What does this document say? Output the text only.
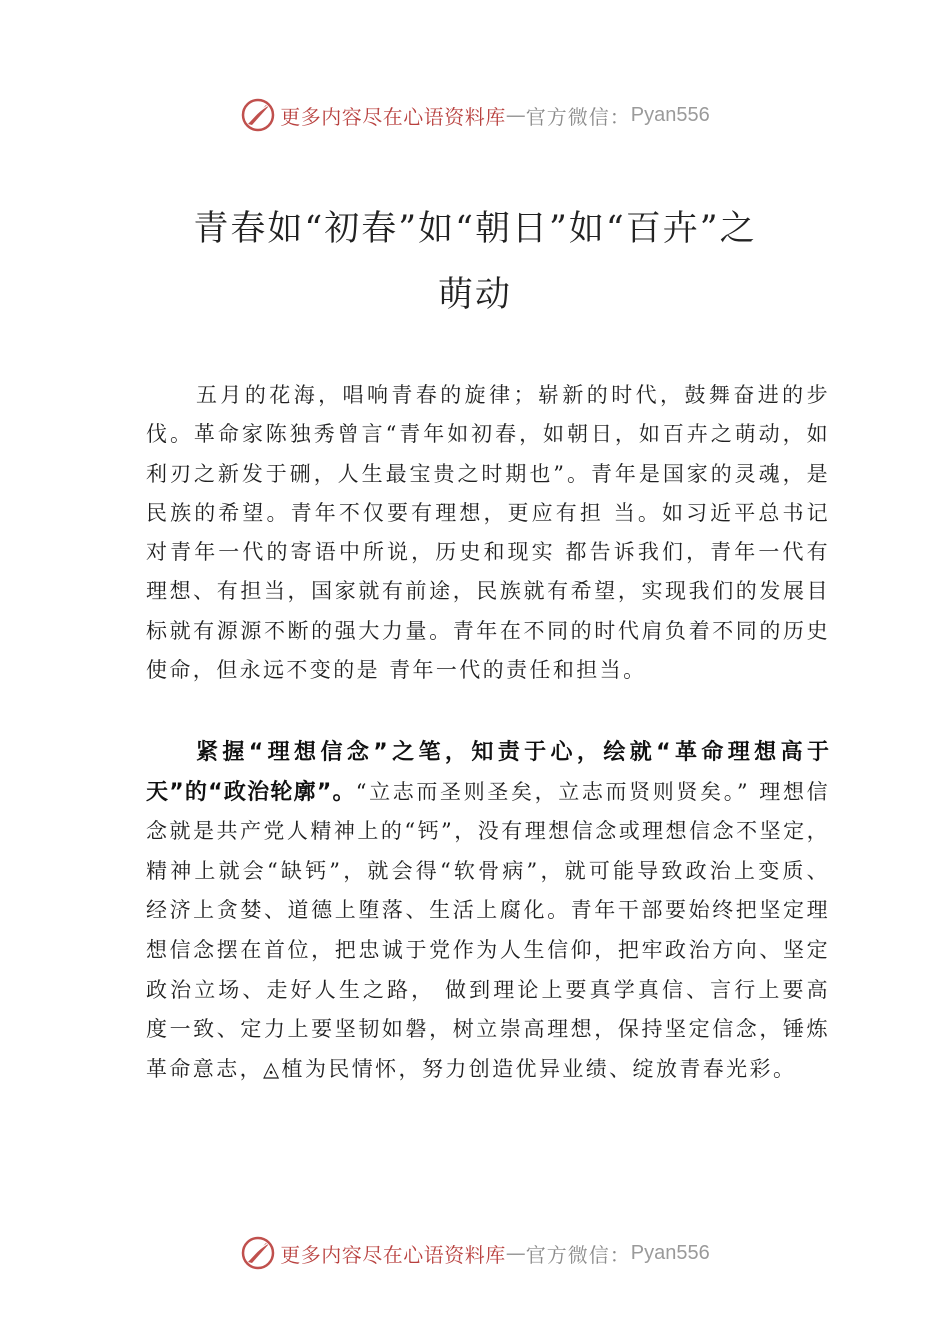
更多内容尽在心语资料库 — 官方微信： Pyan556
青春如“初春”如“朝日”如“百卉”之
萌动

五月的花海，唱响青春的旋律；崭新的时代，鼓舞奋进的步伐。革命家陈独秀曾言“青年如初春，如朝日，如百卉之萌动，如利刃之新发于硎，人生最宝贵之时期也”。青年是国家的灵魂，是民族的希望。青年不仅要有理想，更应有担 当。如习近平总书记对青年一代的寄语中所说，历史和现实 都告诉我们，青年一代有理想、有担当，国家就有前途，民族就有希望，实现我们的发展目标就有源源不断的强大力量。青年在不同的时代肩负着不同的历史使命，但永远不变的是 青年一代的责任和担当。

紧握“理想信念”之笔，知责于心，绘就“革命理想高于天”的“政治轮廓”。“立志而圣则圣矣，立志而贤则贤矣。” 理想信念就是共产党人精神上的“钙”，没有理想信念或理想信念不坚定，精神上就会“缺钙”，就会得“软骨病”，就可能导致政治上变质、经济上贪婪、道德上堕落、生活上腐化。青年干部要始终把坚定理想信念摆在首位，把忠诚于党作为人生信仰，把牢政治方向、坚定政治立场、走好人生之路， 做到理论上要真学真信、言行上要高度一致、定力上要坚韧如磐，树立崇高理想，保持坚定信念，锤炼革命意志，◬植为民情怀，努力创造优异业绩、绽放青春光彩。

更多内容尽在心语资料库 — 官方微信： Pyan556
